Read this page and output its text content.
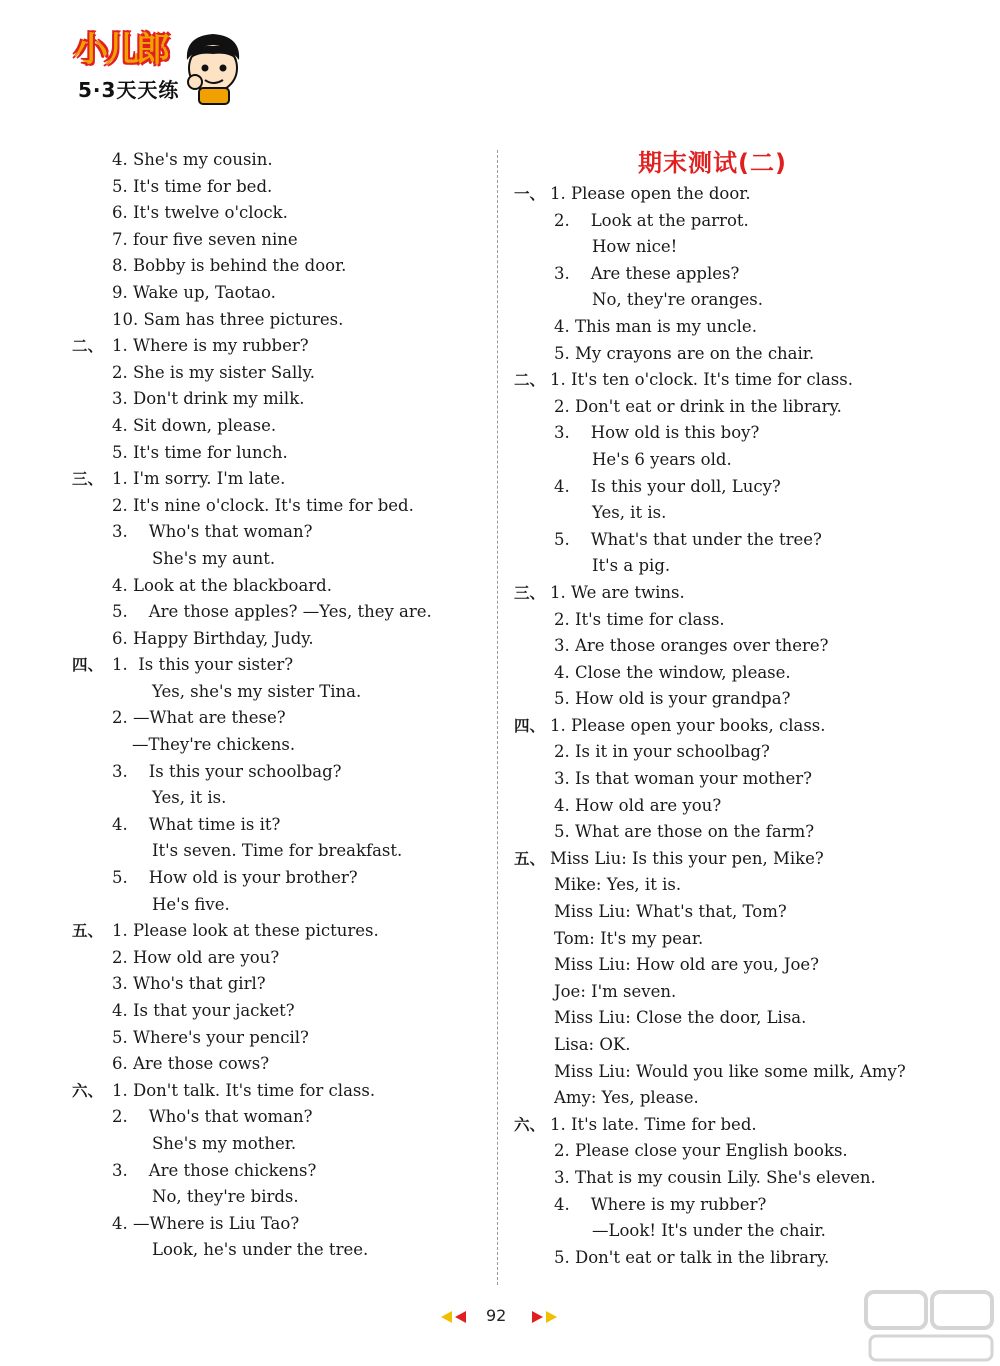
小儿郎
5·3天天练
4. She's my cousin.
5. It's time for bed.
6. It's twelve o'clock.
7. four five seven nine
8. Bobby is behind the door.
9. Wake up, Taotao.
10. Sam has three pictures.
二、 1. Where is my rubber?
2. She is my sister Sally.
3. Don't drink my milk.
4. Sit down, please.
5. It's time for lunch.
三、 1. I'm sorry. I'm late.
2. It's nine o'clock. It's time for bed.
3.    Who's that woman?
She's my aunt.
4. Look at the blackboard.
5.    Are those apples? —Yes, they are.
6. Happy Birthday, Judy.
四、 1.  Is this your sister?
Yes, she's my sister Tina.
2. —What are these?
—They're chickens.
3.    Is this your schoolbag?
Yes, it is.
4.    What time is it?
It's seven. Time for breakfast.
5.    How old is your brother?
He's five.
五、 1. Please look at these pictures.
2. How old are you?
3. Who's that girl?
4. Is that your jacket?
5. Where's your pencil?
6. Are those cows?
六、 1. Don't talk. It's time for class.
2.    Who's that woman?
She's my mother.
3.    Are those chickens?
No, they're birds.
4. —Where is Liu Tao?
Look, he's under the tree.
期末测试(二)
一、 1. Please open the door.
2.    Look at the parrot.
How nice!
3.    Are these apples?
No, they're oranges.
4. This man is my uncle.
5. My crayons are on the chair.
二、 1. It's ten o'clock. It's time for class.
2. Don't eat or drink in the library.
3.    How old is this boy?
He's 6 years old.
4.    Is this your doll, Lucy?
Yes, it is.
5.    What's that under the tree?
It's a pig.
三、 1. We are twins.
2. It's time for class.
3. Are those oranges over there?
4. Close the window, please.
5. How old is your grandpa?
四、 1. Please open your books, class.
2. Is it in your schoolbag?
3. Is that woman your mother?
4. How old are you?
5. What are those on the farm?
五、 Miss Liu: Is this your pen, Mike?
Mike: Yes, it is.
Miss Liu: What's that, Tom?
Tom: It's my pear.
Miss Liu: How old are you, Joe?
Joe: I'm seven.
Miss Liu: Close the door, Lisa.
Lisa: OK.
Miss Liu: Would you like some milk, Amy?
Amy: Yes, please.
六、 1. It's late. Time for bed.
2. Please close your English books.
3. That is my cousin Lily. She's eleven.
4.    Where is my rubber?
—Look! It's under the chair.
5. Don't eat or talk in the library.
92
